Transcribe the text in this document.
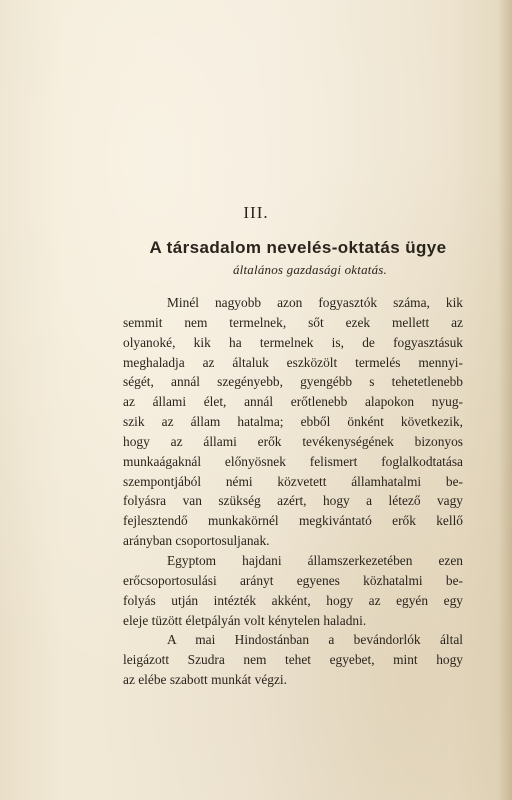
III.
A társadalom nevelés-oktatás ügye
általános gazdasági oktatás.
Minél nagyobb azon fogyasztók száma, kik
semmit nem termelnek, sőt ezek mellett az
olyanoké, kik ha termelnek is, de fogyasztásuk
meghaladja az általuk eszközölt termelés mennyi-
ségét, annál szegényebb, gyengébb s tehetetlenebb
az állami élet, annál erőtlenebb alapokon nyug-
szik az állam hatalma; ebből önként következik,
hogy az állami erők tevékenységének bizonyos
munkaágaknál előnyösnek felismert foglalkodtatása
szempontjából némi közvetett államhatalmi be-
folyásra van szükség azért, hogy a létező vagy
fejlesztendő munkakörnél megkivántató erők kellő
arányban csoportosuljanak.
Egyptom hajdani államszerkezetében ezen
erőcsoportosulási arányt egyenes közhatalmi be-
folyás utján intézték akként, hogy az egyén egy
eleje tüzött életpályán volt kénytelen haladni.
A mai Hindostánban a bevándorlók által
leigázott Szudra nem tehet egyebet, mint hogy
az elébe szabott munkát végzi.
